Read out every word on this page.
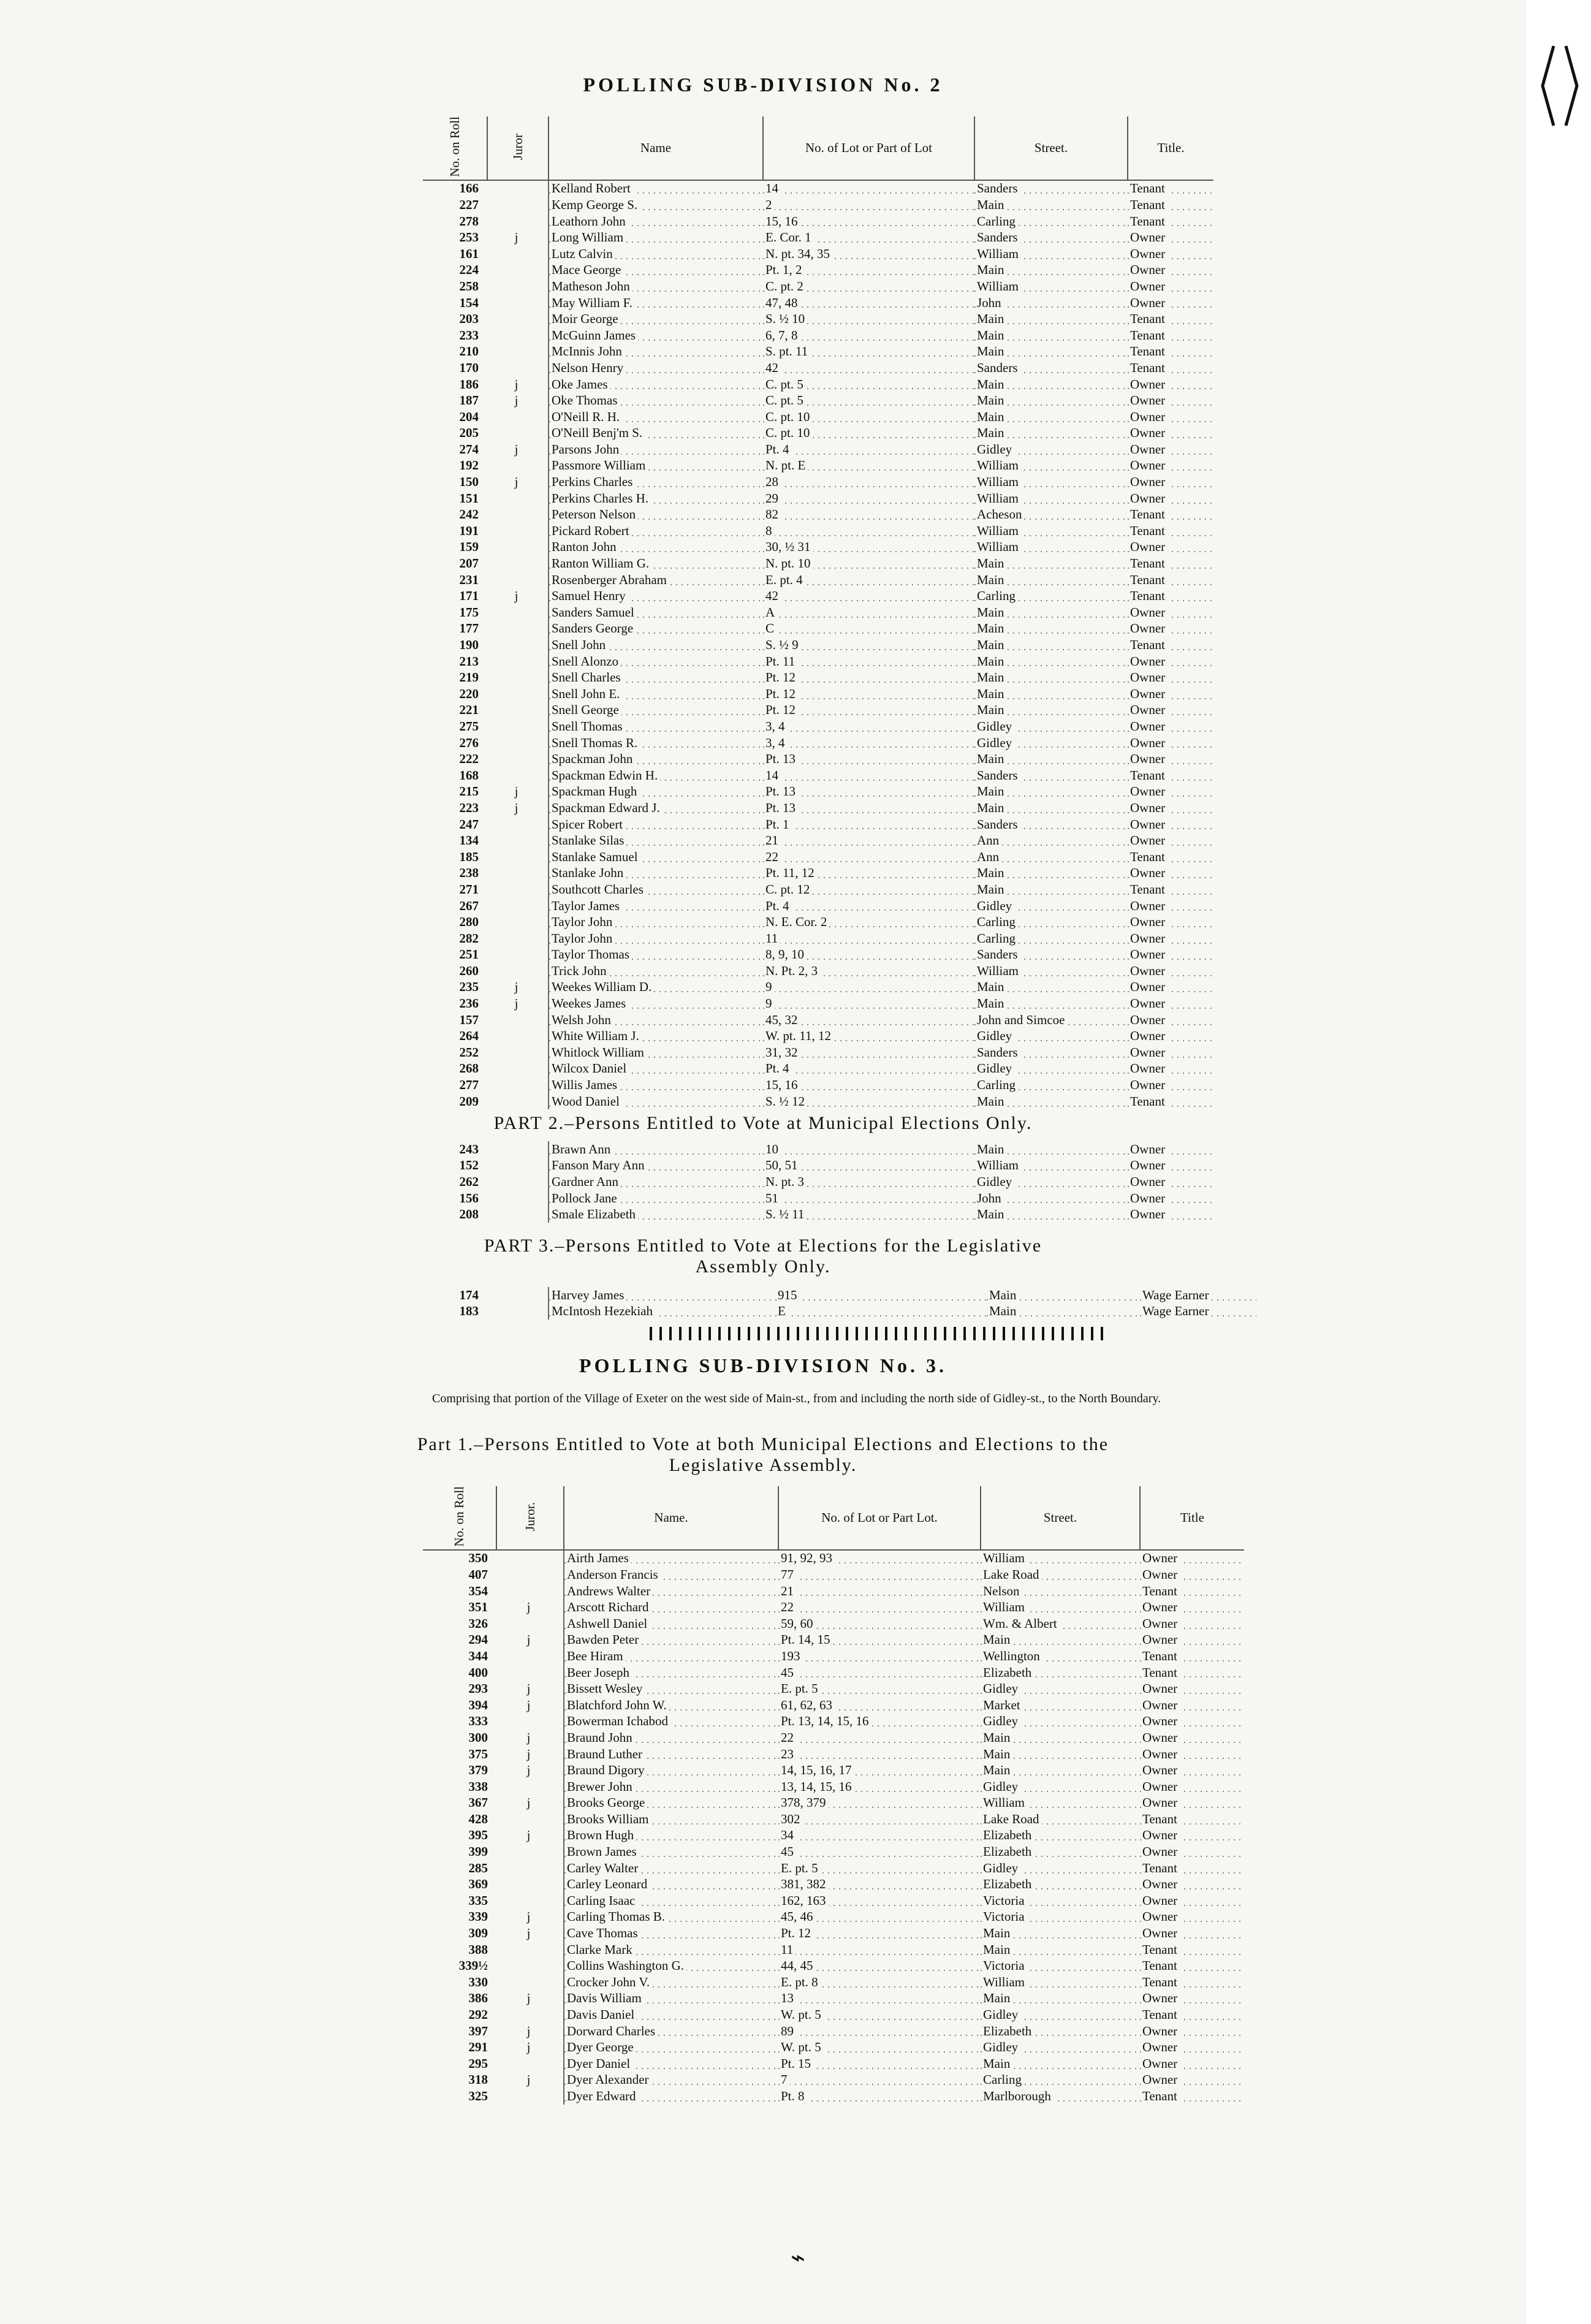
POLLING SUB-DIVISION No. 2
No. on Roll	Juror	Name	No. of Lot or Part of Lot	Street.	Title.
166		Kelland Robert	14	Sanders	Tenant
227		Kemp George S.	2	Main	Tenant
278		Leathorn John	15, 16	Carling	Tenant
253	j	Long William	E. Cor. 1	Sanders	Owner
161		Lutz Calvin	N. pt. 34, 35	William	Owner
224		Mace George	Pt. 1, 2	Main	Owner
258		Matheson John	C. pt. 2	William	Owner
154		May William F.	47, 48	John	Owner
203		Moir George	S. ½ 10	Main	Tenant
233		McGuinn James	6, 7, 8	Main	Tenant
210		McInnis John	S. pt. 11	Main	Tenant
170		Nelson Henry	42	Sanders	Tenant
186	j	Oke James	C. pt. 5	Main	Owner
187	j	Oke Thomas	C. pt. 5	Main	Owner
204		O'Neill R. H.	C. pt. 10	Main	Owner
205		O'Neill Benj'm S.	C. pt. 10	Main	Owner
274	j	Parsons John	Pt. 4	Gidley	Owner
192		Passmore William	N. pt. E	William	Owner
150	j	Perkins Charles	28	William	Owner
151		Perkins Charles H.	29	William	Owner
242		Peterson Nelson	82	Acheson	Tenant
191		Pickard Robert	8	William	Tenant
159		Ranton John	30, ½ 31	William	Owner
207		Ranton William G.	N. pt. 10	Main	Tenant
231		Rosenberger Abraham	E. pt. 4	Main	Tenant
171	j	Samuel Henry	42	Carling	Tenant
175		Sanders Samuel	A	Main	Owner
177		Sanders George	C	Main	Owner
190		Snell John	S. ½ 9	Main	Tenant
213		Snell Alonzo	Pt. 11	Main	Owner
219		Snell Charles	Pt. 12	Main	Owner
220		Snell John E.	Pt. 12	Main	Owner
221		Snell George	Pt. 12	Main	Owner
275		Snell Thomas	3, 4	Gidley	Owner
276		Snell Thomas R.	3, 4	Gidley	Owner
222		Spackman John	Pt. 13	Main	Owner
168		Spackman Edwin H.	14	Sanders	Tenant
215	j	Spackman Hugh	Pt. 13	Main	Owner
223	j	Spackman Edward J.	Pt. 13	Main	Owner
247		Spicer Robert	Pt. 1	Sanders	Owner
134		Stanlake Silas	21	Ann	Owner
185		Stanlake Samuel	22	Ann	Tenant
238		Stanlake John	Pt. 11, 12	Main	Owner
271		Southcott Charles	C. pt. 12	Main	Tenant
267		Taylor James	Pt. 4	Gidley	Owner
280		Taylor John	N. E. Cor. 2	Carling	Owner
282		Taylor John	11	Carling	Owner
251		Taylor Thomas	8, 9, 10	Sanders	Owner
260		Trick John	N. Pt. 2, 3	William	Owner
235	j	Weekes William D.	9	Main	Owner
236	j	Weekes James	9	Main	Owner
157		Welsh John	45, 32	John and Simcoe	Owner
264		White William J.	W. pt. 11, 12	Gidley	Owner
252		Whitlock William	31, 32	Sanders	Owner
268		Wilcox Daniel	Pt. 4	Gidley	Owner
277		Willis James	15, 16	Carling	Owner
209		Wood Daniel	S. ½ 12	Main	Tenant
PART 2.–Persons Entitled to Vote at Municipal Elections Only.
243		Brawn Ann	10	Main	Owner
152		Fanson Mary Ann	50, 51	William	Owner
262		Gardner Ann	N. pt. 3	Gidley	Owner
156		Pollock Jane	51	John	Owner
208		Smale Elizabeth	S. ½ 11	Main	Owner
PART 3.–Persons Entitled to Vote at Elections for the Legislative
Assembly Only.
174		Harvey James	915	Main	Wage Earner
183		McIntosh Hezekiah	E	Main	Wage Earner
POLLING SUB-DIVISION No. 3.
Comprising that portion of the Village of Exeter on the west side of Main-st., from and including the north side of Gidley-st., to the North Boundary.
Part 1.–Persons Entitled to Vote at both Municipal Elections and Elections to the
Legislative Assembly.
No. on Roll	Juror.	Name.	No. of Lot or Part Lot.	Street.	Title
350		Airth James	91, 92, 93	William	Owner
407		Anderson Francis	77	Lake Road	Owner
354		Andrews Walter	21	Nelson	Tenant
351	j	Arscott Richard	22	William	Owner
326		Ashwell Daniel	59, 60	Wm. & Albert	Owner
294	j	Bawden Peter	Pt. 14, 15	Main	Owner
344		Bee Hiram	193	Wellington	Tenant
400		Beer Joseph	45	Elizabeth	Tenant
293	j	Bissett Wesley	E. pt. 5	Gidley	Owner
394	j	Blatchford John W.	61, 62, 63	Market	Owner
333		Bowerman Ichabod	Pt. 13, 14, 15, 16	Gidley	Owner
300	j	Braund John	22	Main	Owner
375	j	Braund Luther	23	Main	Owner
379	j	Braund Digory	14, 15, 16, 17	Main	Owner
338		Brewer John	13, 14, 15, 16	Gidley	Owner
367	j	Brooks George	378, 379	William	Owner
428		Brooks William	302	Lake Road	Tenant
395	j	Brown Hugh	34	Elizabeth	Owner
399		Brown James	45	Elizabeth	Owner
285		Carley Walter	E. pt. 5	Gidley	Tenant
369		Carley Leonard	381, 382	Elizabeth	Owner
335		Carling Isaac	162, 163	Victoria	Owner
339	j	Carling Thomas B.	45, 46	Victoria	Owner
309	j	Cave Thomas	Pt. 12	Main	Owner
388		Clarke Mark	11	Main	Tenant
339½		Collins Washington G.	44, 45	Victoria	Tenant
330		Crocker John V.	E. pt. 8	William	Tenant
386	j	Davis William	13	Main	Owner
292		Davis Daniel	W. pt. 5	Gidley	Tenant
397	j	Dorward Charles	89	Elizabeth	Owner
291	j	Dyer George	W. pt. 5	Gidley	Owner
295		Dyer Daniel	Pt. 15	Main	Owner
318	j	Dyer Alexander	7	Carling	Owner
325		Dyer Edward	Pt. 8	Marlborough	Tenant
⌁
